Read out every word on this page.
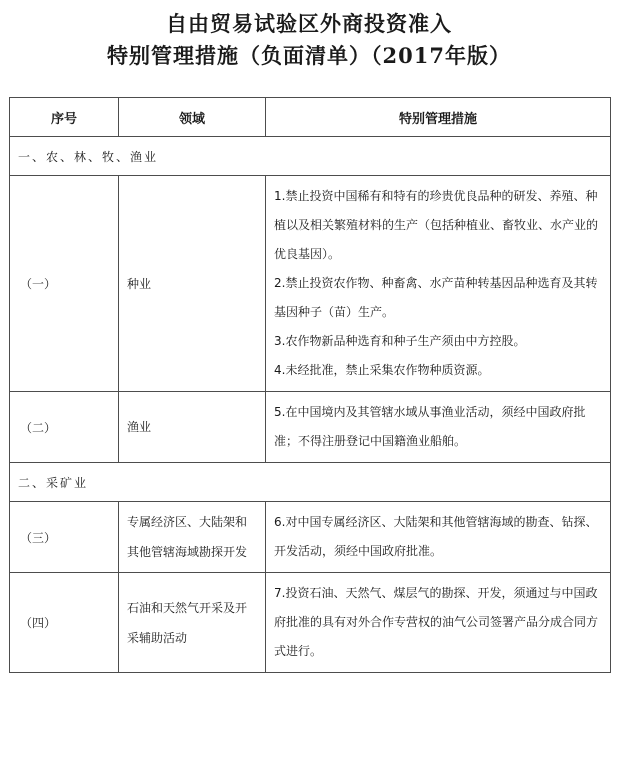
自由贸易试验区外商投资准入
特别管理措施（负面清单）（2017年版）
序号	领域	特别管理措施
一、农、林、牧、渔业		
（一）	种业	1.禁止投资中国稀有和特有的珍贵优良品种的研发、养殖、种植以及相关繁殖材料的生产（包括种植业、畜牧业、水产业的优良基因）。

2.禁止投资农作物、种畜禽、水产苗种转基因品种选育及其转基因种子（苗）生产。

3.农作物新品种选育和种子生产须由中方控股。

4.未经批准，禁止采集农作物种质资源。

（二）	渔业	5.在中国境内及其管辖水域从事渔业活动，须经中国政府批准；不得注册登记中国籍渔业船舶。

二、采矿业		
（三）	专属经济区、大陆架和其他管辖海域勘探开发	6.对中国专属经济区、大陆架和其他管辖海域的勘查、钻探、开发活动，须经中国政府批准。

（四）	石油和天然气开采及开采辅助活动	7.投资石油、天然气、煤层气的勘探、开发，须通过与中国政府批准的具有对外合作专营权的油气公司签署产品分成合同方式进行。
